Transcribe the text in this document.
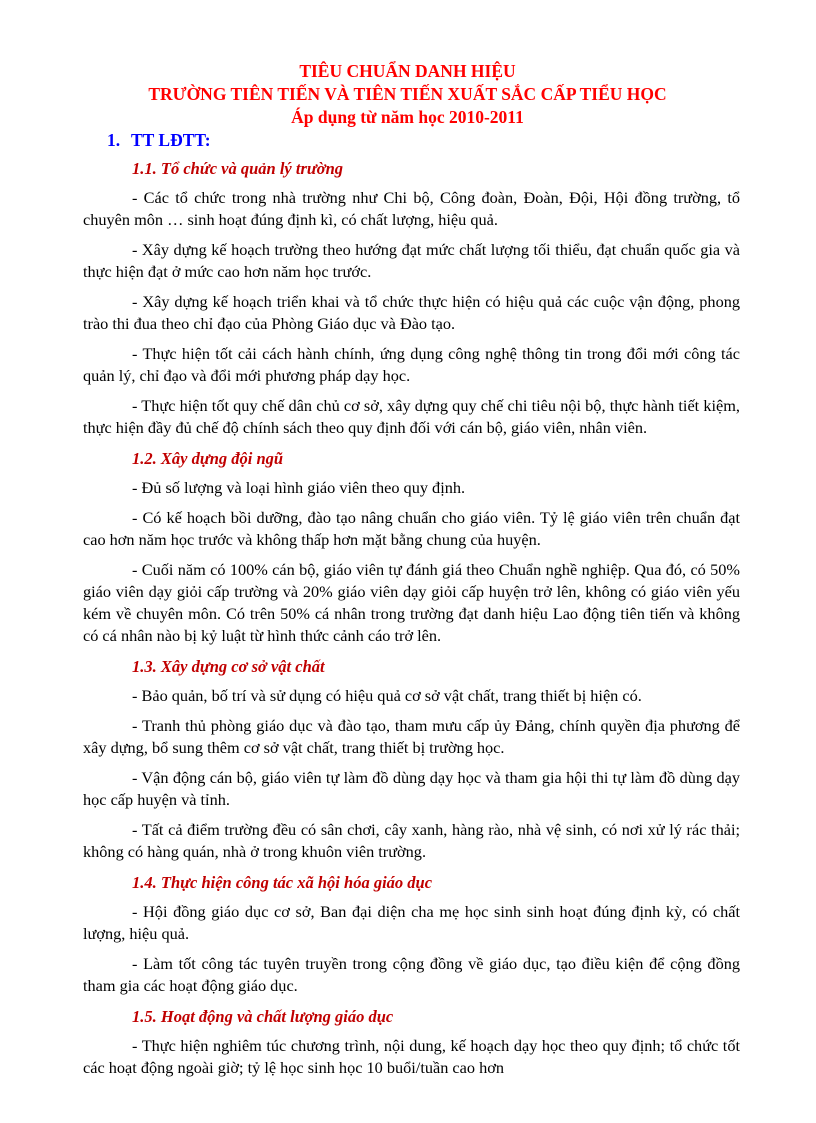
TIÊU CHUẨN DANH HIỆU

TRƯỜNG TIÊN TIẾN VÀ TIÊN TIẾN XUẤT SẮC CẤP TIỂU HỌC

Áp dụng từ năm học 2010-2011

1. TT LĐTT:
1.1. Tổ chức và quản lý trường

- Các tổ chức trong nhà trường như Chi bộ, Công đoàn, Đoàn, Đội, Hội đồng trường, tổ chuyên môn … sinh hoạt đúng định kì, có chất lượng, hiệu quả.

- Xây dựng kế hoạch trường theo hướng đạt mức chất lượng tối thiểu, đạt chuẩn quốc gia và thực hiện đạt ở mức cao hơn năm học trước.

- Xây dựng kế hoạch triển khai và tổ chức thực hiện có hiệu quả các cuộc vận động, phong trào thi đua theo chỉ đạo của Phòng Giáo dục và Đào tạo.

- Thực hiện tốt cải cách hành chính, ứng dụng công nghệ thông tin trong đổi mới công tác quản lý, chỉ đạo và đổi mới phương pháp dạy học.

- Thực hiện tốt quy chế dân chủ cơ sở, xây dựng quy chế chi tiêu nội bộ, thực hành tiết kiệm, thực hiện đầy đủ chế độ chính sách theo quy định đối với cán bộ, giáo viên, nhân viên.

1.2. Xây dựng đội ngũ

- Đủ số lượng và loại hình giáo viên theo quy định.

- Có kế hoạch bồi dưỡng, đào tạo nâng chuẩn cho giáo viên. Tỷ lệ giáo viên trên chuẩn đạt cao hơn năm học trước và không thấp hơn mặt bằng chung của huyện.

- Cuối năm có 100% cán bộ, giáo viên tự đánh giá theo Chuẩn nghề nghiệp. Qua đó, có 50% giáo viên dạy giỏi cấp trường và 20% giáo viên dạy giỏi cấp huyện trở lên, không có giáo viên yếu kém về chuyên môn. Có trên 50% cá nhân trong trường đạt danh hiệu Lao động tiên tiến và không có cá nhân nào bị kỷ luật từ hình thức cảnh cáo trở lên.

1.3. Xây dựng cơ sở vật chất

- Bảo quản, bố trí và sử dụng có hiệu quả cơ sở vật chất, trang thiết bị hiện có.

- Tranh thủ phòng giáo dục và đào tạo, tham mưu cấp ủy Đảng, chính quyền địa phương để xây dựng, bổ sung thêm cơ sở vật chất, trang thiết bị trường học.

- Vận động cán bộ, giáo viên tự làm đồ dùng dạy học và tham gia hội thi tự làm đồ dùng dạy học cấp huyện và tỉnh.

- Tất cả điểm trường đều có sân chơi, cây xanh, hàng rào, nhà vệ sinh, có nơi xử lý rác thải; không có hàng quán, nhà ở trong khuôn viên trường.

1.4. Thực hiện công tác xã hội hóa giáo dục

- Hội đồng giáo dục cơ sở, Ban đại diện cha mẹ học sinh sinh hoạt đúng định kỳ, có chất lượng, hiệu quả.

- Làm tốt công tác tuyên truyền trong cộng đồng về giáo dục, tạo điều kiện để cộng đồng tham gia các hoạt động giáo dục.

1.5. Hoạt động và chất lượng giáo dục

- Thực hiện nghiêm túc chương trình, nội dung, kế hoạch dạy học theo quy định; tổ chức tốt các hoạt động ngoài giờ; tỷ lệ học sinh học 10 buổi/tuần cao hơn
